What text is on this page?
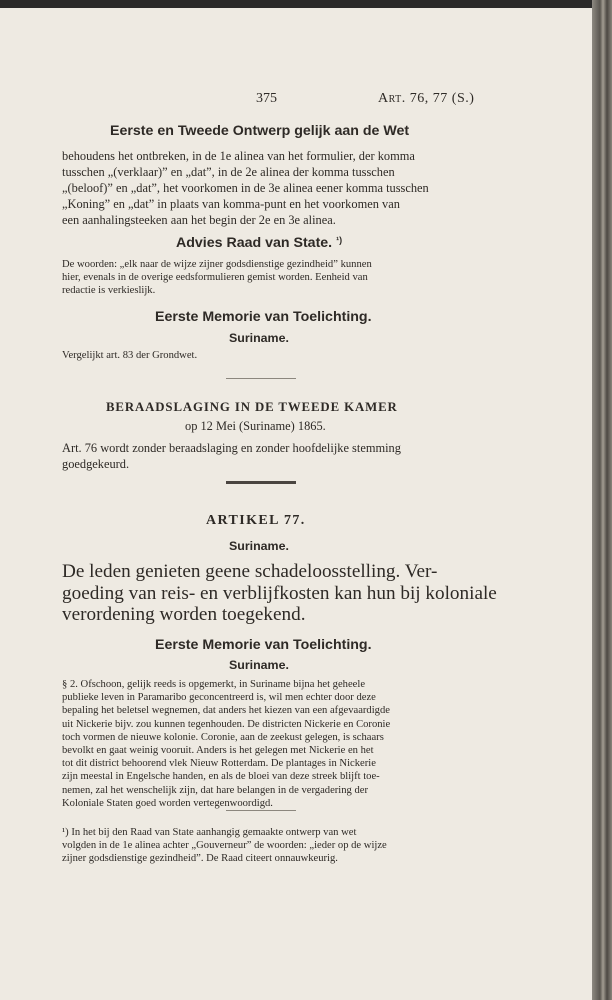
375	Art. 76, 77 (S.)
Eerste en Tweede Ontwerp gelijk aan de Wet
behoudens het ontbreken, in de 1e alinea van het formulier, der komma
tusschen „(verklaar)” en „dat”, in de 2e alinea der komma tusschen
„(beloof)” en „dat”, het voorkomen in de 3e alinea eener komma tusschen
„Koning” en „dat” in plaats van komma-punt en het voorkomen van
een aanhalingsteeken aan het begin der 2e en 3e alinea.
Advies Raad van State. $^{^1)}$
De woorden: „elk naar de wijze zijner godsdienstige gezindheid” kunnen
hier, evenals in de overige eedsformulieren gemist worden. Eenheid van
redactie is verkieslijk.
Eerste Memorie van Toelichting.
Suriname.
Vergelijkt art. 83 der Grondwet.
BERAADSLAGING IN DE TWEEDE KAMER
op 12 Mei (Suriname) 1865.
Art. 76 wordt zonder beraadslaging en zonder hoofdelijke stemming
goedgekeurd.
ARTIKEL 77.
Suriname.
De leden genieten geene schadeloosstelling. Ver-
goeding van reis- en verblijfkosten kan hun bij koloniale
verordening worden toegekend.
Eerste Memorie van Toelichting.
Suriname.
§ 2. Ofschoon, gelijk reeds is opgemerkt, in Suriname bijna het geheele
publieke leven in Paramaribo geconcentreerd is, wil men echter door deze
bepaling het beletsel wegnemen, dat anders het kiezen van een afgevaardigde
uit Nickerie bijv. zou kunnen tegenhouden. De districten Nickerie en Coronie
toch vormen de nieuwe kolonie. Coronie, aan de zeekust gelegen, is schaars
bevolkt en gaat weinig vooruit. Anders is het gelegen met Nickerie en het
tot dit district behoorend vlek Nieuw Rotterdam. De plantages in Nickerie
zijn meestal in Engelsche handen, en als de bloei van deze streek blijft toe-
nemen, zal het wenschelijk zijn, dat hare belangen in de vergadering der
Koloniale Staten goed worden vertegenwoordigd.
¹) In het bij den Raad van State aanhangig gemaakte ontwerp van wet
volgden in de 1e alinea achter „Gouverneur” de woorden: „ieder op de wijze
zijner godsdienstige gezindheid”. De Raad citeert onnauwkeurig.
